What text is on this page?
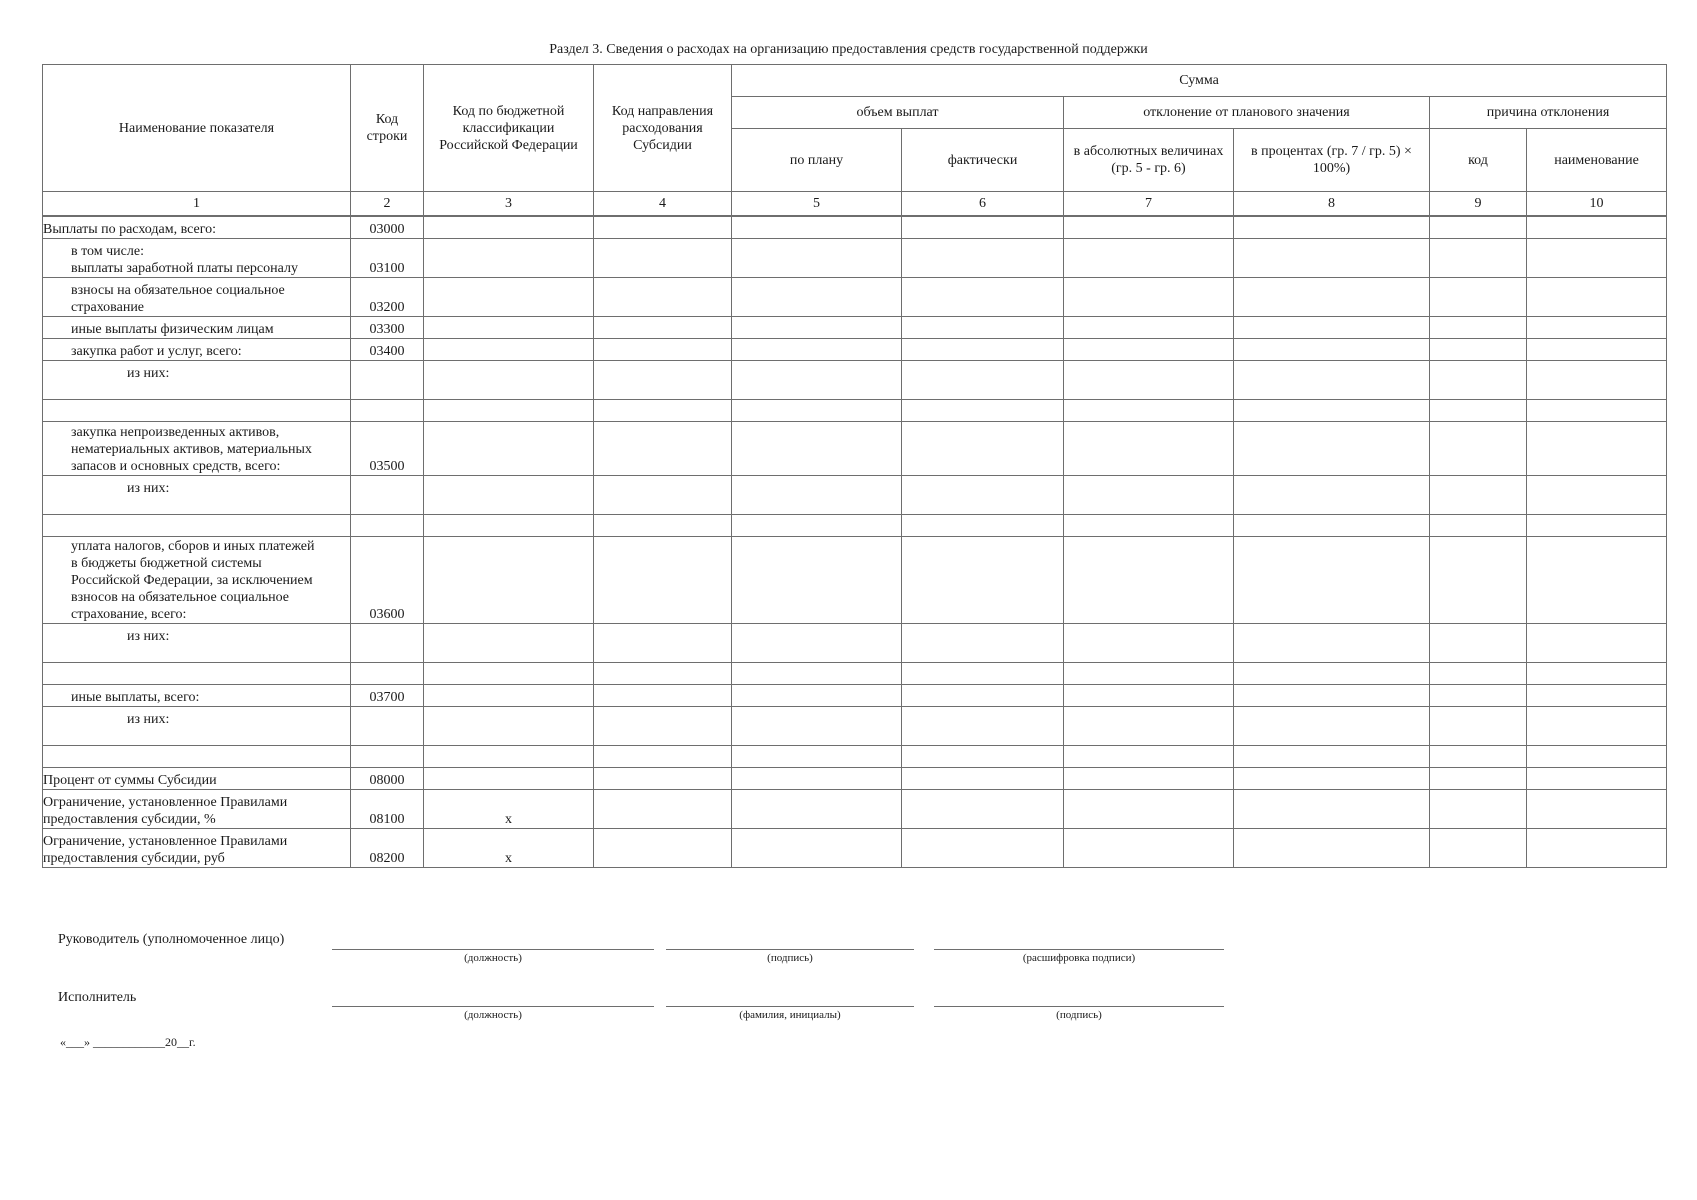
Раздел 3. Сведения о расходах на организацию предоставления средств государственной поддержки
Наименование показателя	Код строки	Код по бюджетной классификации Российской Федерации	Код направления расходования Субсидии	Сумма					
				объем выплат		отклонение от планового значения		причина отклонения	
				по плану	фактически	в абсолютных величинах (гр. 5 - гр. 6)	в процентах (гр. 7 / гр. 5) × 100%)	код	наименование
1	2	3	4	5	6	7	8	9	10
Выплаты по расходам, всего:	03000								

в том числе:
выплаты заработной платы персоналу	03100								

взносы на обязательное социальное
страхование	03200								
иные выплаты физическим лицам	03300								
закупка работ и услуг, всего:	03400								
из них:									

закупка непроизведенных активов,
нематериальных активов, материальных
запасов и основных средств, всего:	03500								
из них:									

уплата налогов, сборов и иных платежей
в бюджеты бюджетной системы
Российской Федерации, за исключением
взносов на обязательное социальное
страхование, всего:	03600								
из них:									

иные выплаты, всего:	03700								
из них:									

Процент от суммы Субсидии	08000								

Ограничение, установленное Правилами
предоставления субсидии, %	08100	x							

Ограничение, установленное Правилами
предоставления субсидии, руб	08200	x							
Руководитель (уполномоченное лицо)
(должность)	(подпись)	(расшифровка подписи)
Исполнитель
(должность)	(фамилия, инициалы)	(подпись)
«___» ____________20__г.
